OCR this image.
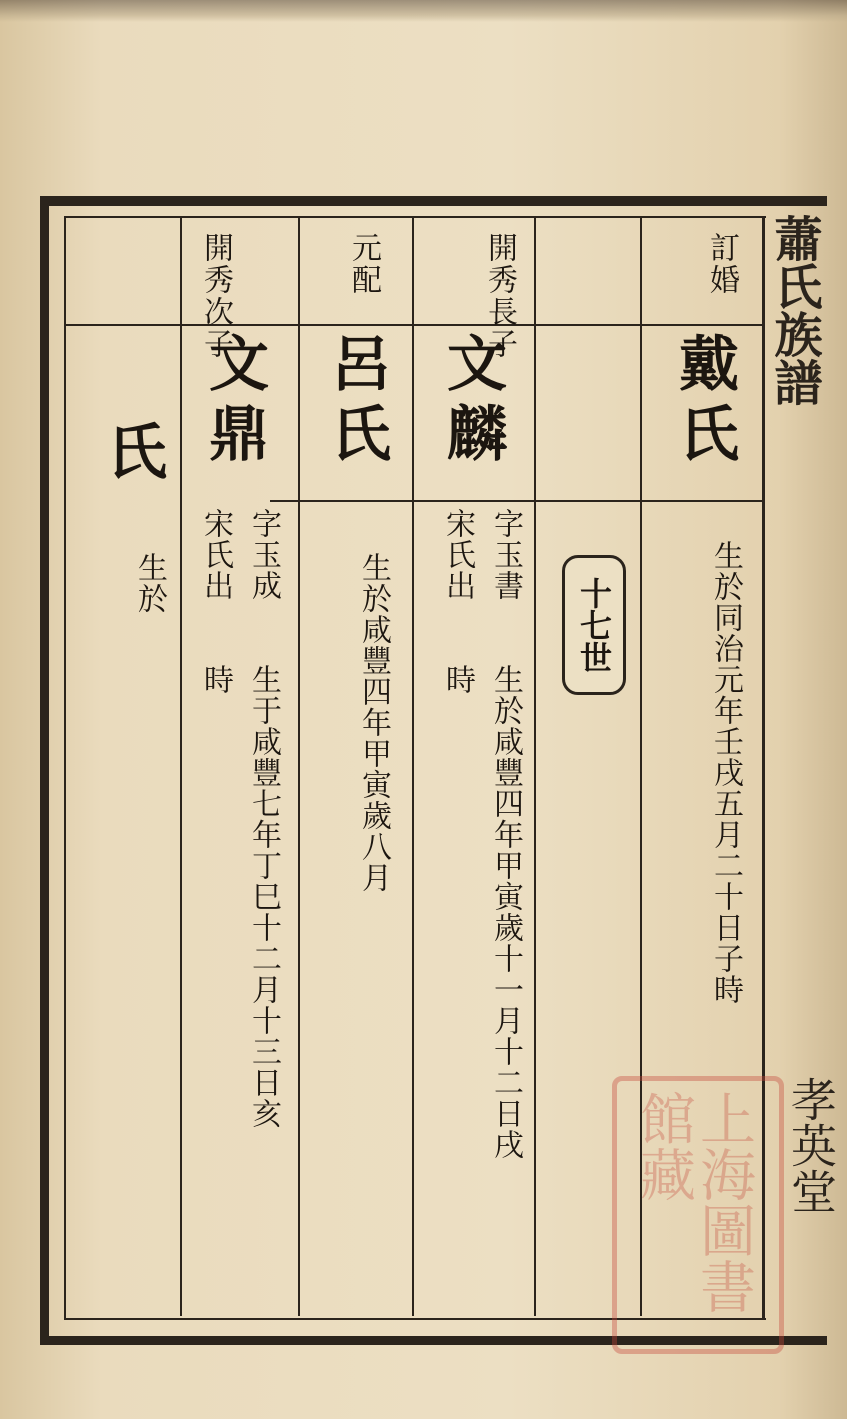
訂婚
戴氏
生於同治元年壬戌五月二十日子時
十七世
開秀長子
文麟
字玉書
生於咸豐四年甲寅歲十一月十二日戌
宋氏出
時
元配
呂氏
生於咸豐四年甲寅歲八月
開秀次子
文鼎
字玉成
生于咸豐七年丁巳十二月十三日亥
宋氏出
時
氏
生於
蕭氏族譜
孝英堂
上海圖書館藏
